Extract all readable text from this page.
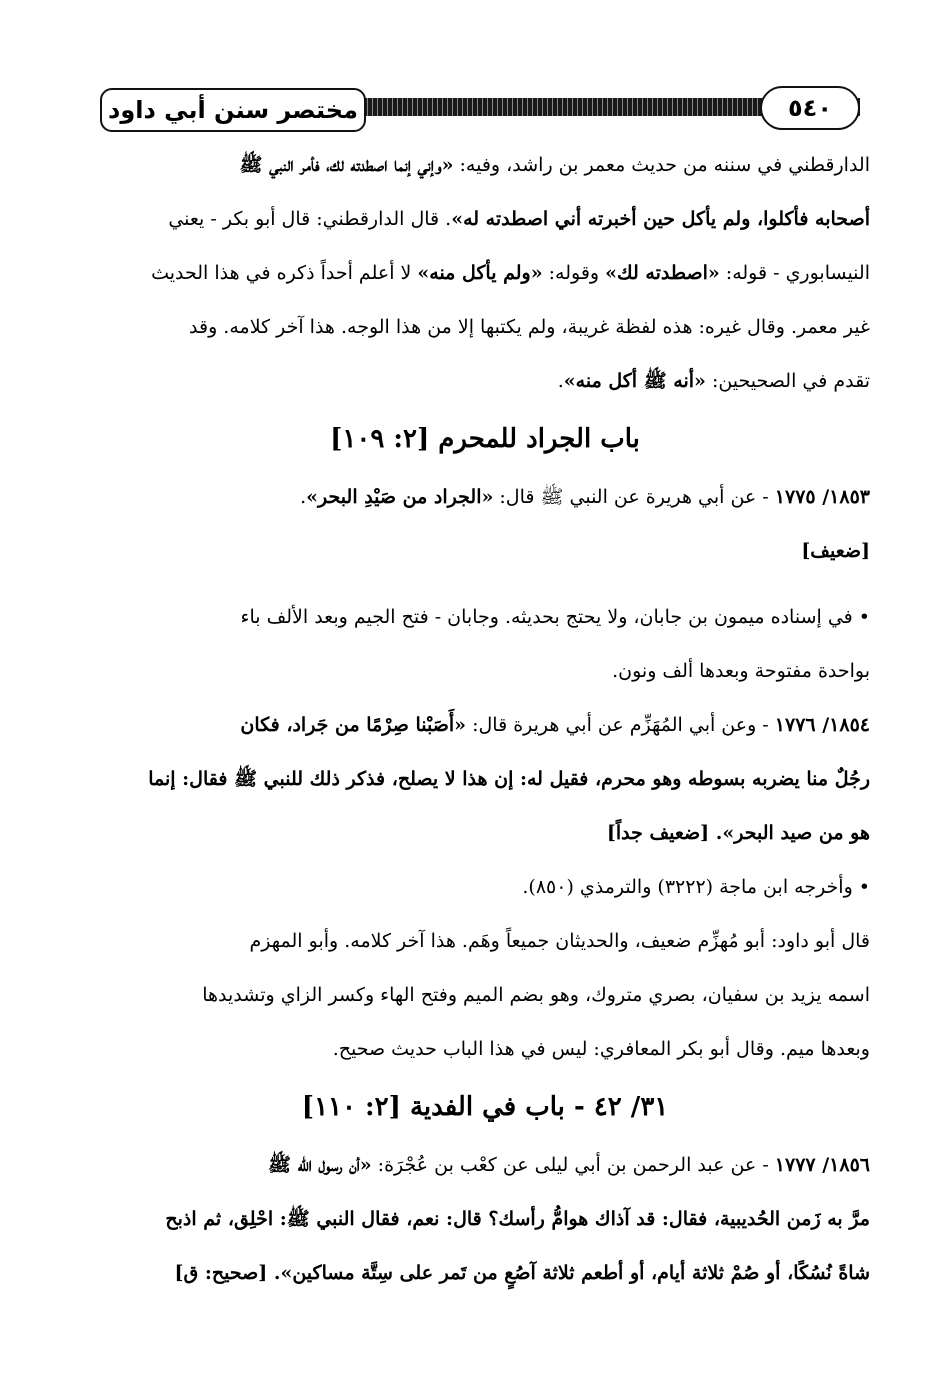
مختصر سنن أبي داود	٥٤٠
الدارقطني في سننه من حديث معمر بن راشد، وفيه: «وإني إنما اصطدته لك، فأمر النبي ﷺ
أصحابه فأكلوا، ولم يأكل حين أخبرته أني اصطدته له». قال الدارقطني: قال أبو بكر - يعني
النيسابوري - قوله: «اصطدته لك» وقوله: «ولم يأكل منه» لا أعلم أحداً ذكره في هذا الحديث
غير معمر. وقال غيره: هذه لفظة غريبة، ولم يكتبها إلا من هذا الوجه. هذا آخر كلامه. وقد
تقدم في الصحيحين: «أنه ﷺ أكل منه».
باب الجراد للمحرم [٢: ١٠٩]
١٨٥٣/ ١٧٧٥ - عن أبي هريرة عن النبي ﷺ قال: «الجراد من صَيْدِ البحر».
[ضعيف]
• في إسناده ميمون بن جابان، ولا يحتج بحديثه. وجابان - فتح الجيم وبعد الألف باء
بواحدة مفتوحة وبعدها ألف ونون.
١٨٥٤/ ١٧٧٦ - وعن أبي المُهَزِّم عن أبي هريرة قال: «أَصَبْنا صِرْمًا من جَراد، فكان
رجُلٌ منا يضربه بسوطه وهو محرم، فقيل له: إن هذا لا يصلح، فذكر ذلك للنبي ﷺ فقال: إنما
هو من صيد البحر». [ضعيف جداً]
• وأخرجه ابن ماجة (٣٢٢٢) والترمذي (٨٥٠).
قال أبو داود: أبو مُهزِّم ضعيف، والحديثان جميعاً وهَم. هذا آخر كلامه. وأبو المهزم
اسمه يزيد بن سفيان، بصري متروك، وهو بضم الميم وفتح الهاء وكسر الزاي وتشديدها
وبعدها ميم. وقال أبو بكر المعافري: ليس في هذا الباب حديث صحيح.
٣١/ ٤٢ - باب في الفدية [٢: ١١٠]
١٨٥٦/ ١٧٧٧ - عن عبد الرحمن بن أبي ليلى عن كعْب بن عُجْرَة: «أن رسول الله ﷺ
مرَّ به زَمن الحُديبية، فقال: قد آذاك هوامُّ رأسك؟ قال: نعم، فقال النبي ﷺ: احْلِق، ثم اذبح
شاةً نُسُكًا، أو صُمْ ثلاثة أيام، أو أطعم ثلاثة آصُعٍ من تَمر على سِتَّة مساكين». [صحيح: ق]
